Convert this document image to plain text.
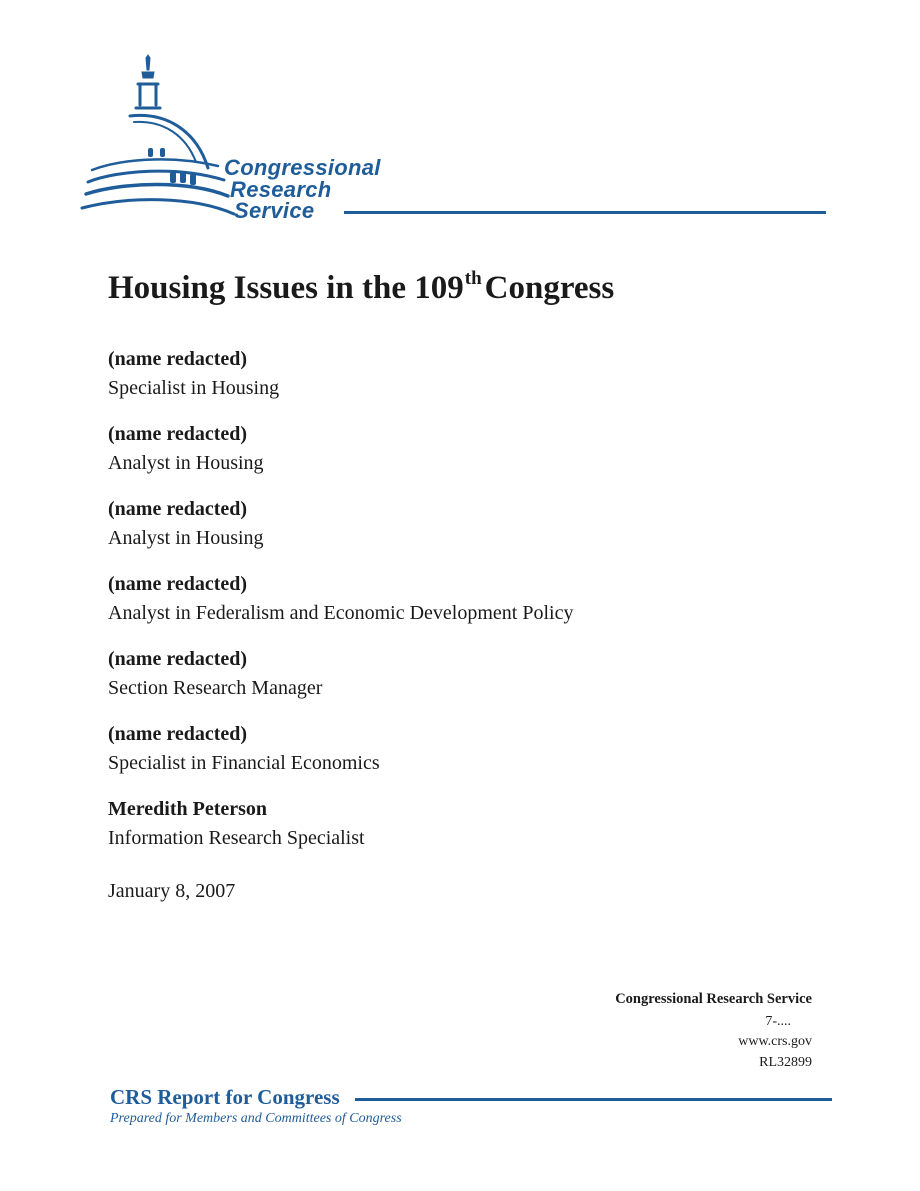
Congressional
Research
Service
Housing Issues in the 109thCongress
(name redacted)
Specialist in Housing
(name redacted)
Analyst in Housing
(name redacted)
Analyst in Housing
(name redacted)
Analyst in Federalism and Economic Development Policy
(name redacted)
Section Research Manager
(name redacted)
Specialist in Financial Economics
Meredith Peterson
Information Research Specialist
January 8, 2007
Congressional Research Service
7-....
www.crs.gov
RL32899
CRS Report for Congress
Prepared for Members and Committees of Congress
